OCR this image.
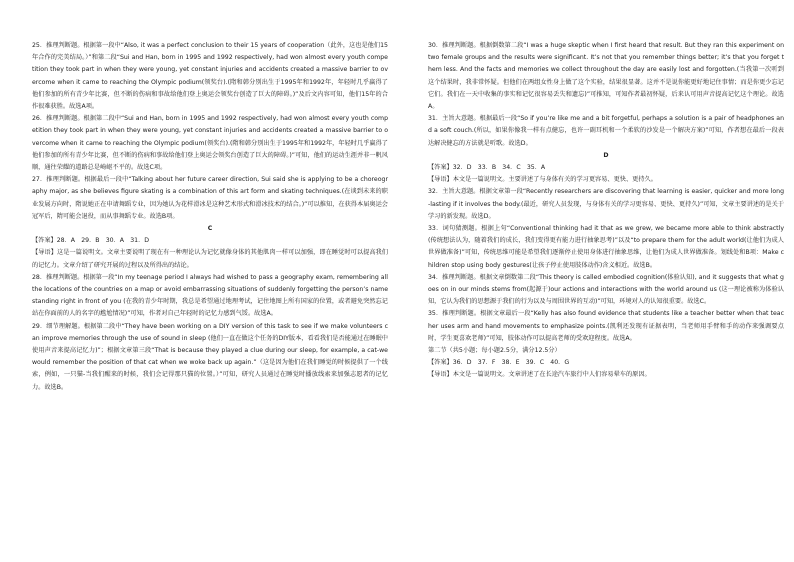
25．推理判断题。根据第一段中“Also, it was a perfect conclusion to their 15 years of cooperation（此外，这也是他们15年合作的完美结局。）”和第二段“Sui and Han, born in 1995 and 1992 respectively, had won almost every youth competition they took part in when they were young, yet constant injuries and accidents created a massive barrier to overcome when it came to reaching the Olympic podium(领奖台).(隋和韩分别出生于1995年和1992年，年轻时几乎赢得了他们参加的所有青少年比赛，但不断的伤病和事故给他们登上奥运会领奖台创造了巨大的障碍。)”及后文内容可知，他们15年的合作很难获胜。故选A项。

26．推理判断题。根据第二段中“Sui and Han, born in 1995 and 1992 respectively, had won almost every youth competition they took part in when they were young, yet constant injuries and accidents created a massive barrier to overcome when it came to reaching the Olympic podium(领奖台).(隋和韩分别出生于1995年和1992年，年轻时几乎赢得了他们参加的所有青少年比赛，但不断的伤病和事故给他们登上奥运会领奖台创造了巨大的障碍。)”可知，他们的运动生涯并非一帆风顺，通往荣耀的道路总是崎岖不平的。故选C项。

27．推理判断题。根据最后一段中“Talking about her future career direction, Sui said she is applying to be a choreography major, as she believes figure skating is a combination of this art form and skating techniques.(在谈到未来的职业发展方向时，隋说她正在申请舞蹈专业，因为她认为花样滑冰是这种艺术形式和滑冰技术的结合。)”可以推知，在获得本届奥运会冠军后，隋可能会退役，而从事舞蹈专业。故选B项。

C

【答案】28．A　29．B　30．A　31．D

【导语】这是一篇说明文。文章主要说明了现在有一种理论认为记忆就像身体的其他肌肉一样可以加强，即在睡觉时可以提高我们的记忆力。文章介绍了研究开展的过程以及所得出的结论。

28．推理判断题。根据第一段“In my teenage period I always had wished to pass a geography exam, remembering all the locations of the countries on a map or avoid embarrassing situations of suddenly forgetting the person’s name standing right in front of you (在我的青少年时期，我总是希望通过地理考试，记住地图上所有国家的位置，或者避免突然忘记站在你面前的人的名字的尴尬情况)”可知，作者对自己年轻时的记忆力感到气馁。故选A。

29．细节理解题。根据第二段中“They have been working on a DIY version of this task to see if we make volunteers can improve memories through the use of sound in sleep (他们一直在做这个任务的DIY版本，看看我们是否能通过在睡眠中使用声音来提高记忆力)”；根据文章第三段“That is because they played a clue during our sleep, for example, a cat-we would remember the position of that cat when we woke back up again.”（这是因为他们在我们睡觉的时候提供了一个线索，例如，一只猫-当我们醒来的时候，我们会记得那只猫的位置。）”可知，研究人员通过在睡觉时播放线索来加强志愿者的记忆力。故选B。

30．推理判断题。根据倒数第二段“I was a huge skeptic when I first heard that result. But they ran this experiment on two female groups and the results were significant. It’s not that you remember things better; it’s that you forget them less. And the facts and memories we collect throughout the day are easily lost and forgotten.(当我第一次听到这个结果时，我非常怀疑。但他们在两组女性身上做了这个实验，结果很显著。这并不是说你能更好地记住事情；而是你更少忘记它们。我们在一天中收集的事实和记忆很容易丢失和遗忘)”可推知，可知作者最初怀疑，后来认可用声音提高记忆这个理论。故选A。

31．主旨大意题。根据最后一段“So if you’re like me and a bit forgetful, perhaps a solution is a pair of headphones and a soft couch.(所以，如果你像我一样有点健忘，也许一副耳机和一个柔软的沙发是一个解决方案)”可知，作者想在最后一段表达解决健忘的方法就是听歌。故选D。

D

【答案】32．D　33．B　34．C　35．A

【导语】本文是一篇说明文。主要讲述了与身体有关的学习更容易、更快、更持久。

32．主旨大意题。根据文章第一段“Recently researchers are discovering that learning is easier, quicker and more long-lasting if it involves the body.(最近，研究人员发现，与身体有关的学习更容易、更快、更持久)”可知，文章主要讲述的是关于学习的新发现。故选D。

33．词句猜测题。根据上句“Conventional thinking had it that as we grew, we became more able to think abstractly (传统想法认为，随着我们的成长，我们变得更有能力进行抽象思考)”以及“to prepare them for the adult world(让他们为成人世界做准备)”可知，传统思维可能是希望我们逐渐停止使用身体进行抽象思维，让他们为成人世界做准备。划线处和B项：Make children stop using body gestures(让孩子停止使用肢体动作)含义相近。故选B。

34．推理判断题。根据文章倒数第二段“This theory is called embodied cognition(体验认知), and it suggests that what goes on in our minds stems from(起源于)our actions and interactions with the world around us (这一理论被称为体验认知，它认为我们的思想源于我们的行为以及与周围世界的互动)”可知，环境对人的认知很重要。故选C。

35．推理判断题。根据文章最后一段“Kelly has also found evidence that students like a teacher better when that teacher uses arm and hand movements to emphasize points.(凯利还发现有证据表明，当老师用手臂和手的动作来强调要点时，学生更喜欢老师)”可知，肢体动作可以提高老师的受欢迎程度。故选A。

第二节（共5小题；每小题2.5分，满分12.5分）

【答案】36．D　37．F　38．E　39．C　40．G

【导语】本文是一篇说明文。文章讲述了在长途汽车旅行中人们容易晕车的原因。
